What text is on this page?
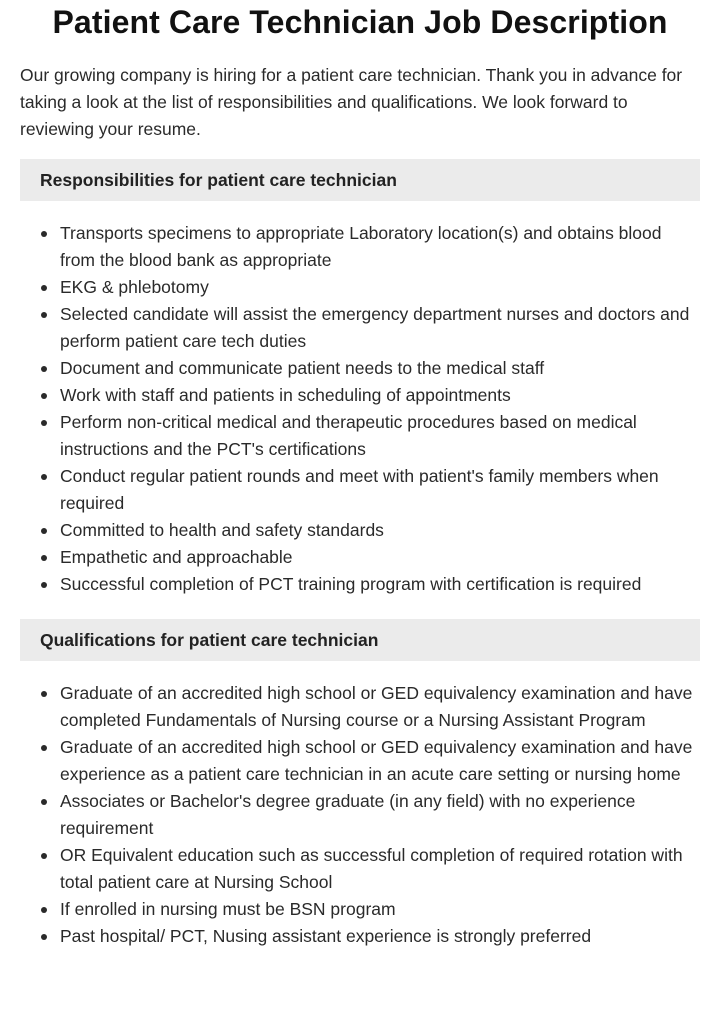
Patient Care Technician Job Description

Our growing company is hiring for a patient care technician. Thank you in advance for taking a look at the list of responsibilities and qualifications. We look forward to reviewing your resume.

Responsibilities for patient care technician
Transports specimens to appropriate Laboratory location(s) and obtains blood from the blood bank as appropriate
EKG & phlebotomy
Selected candidate will assist the emergency department nurses and doctors and perform patient care tech duties
Document and communicate patient needs to the medical staff
Work with staff and patients in scheduling of appointments
Perform non-critical medical and therapeutic procedures based on medical instructions and the PCT's certifications
Conduct regular patient rounds and meet with patient's family members when required
Committed to health and safety standards
Empathetic and approachable
Successful completion of PCT training program with certification is required
Qualifications for patient care technician
Graduate of an accredited high school or GED equivalency examination and have completed Fundamentals of Nursing course or a Nursing Assistant Program
Graduate of an accredited high school or GED equivalency examination and have experience as a patient care technician in an acute care setting or nursing home
Associates or Bachelor's degree graduate (in any field) with no experience requirement
OR Equivalent education such as successful completion of required rotation with total patient care at Nursing School
If enrolled in nursing must be BSN program
Past hospital/ PCT, Nusing assistant experience is strongly preferred
